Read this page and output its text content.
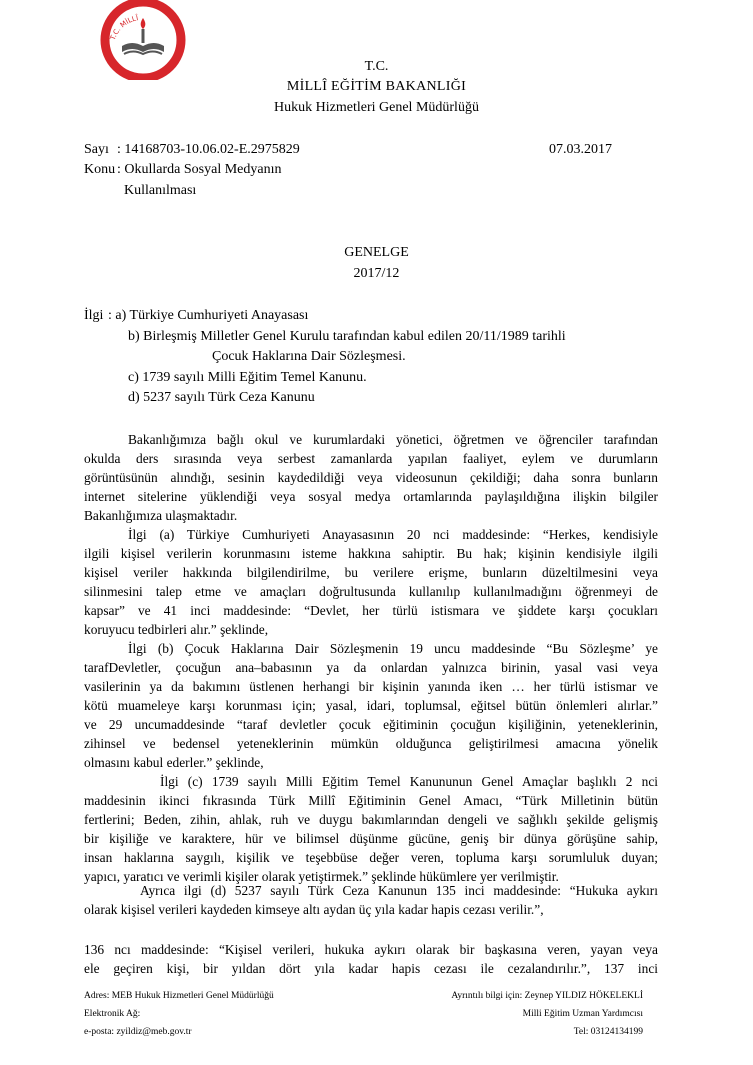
T.C. MİLLÎ
T.C.
MİLLÎ EĞİTİM BAKANLIĞI
Hukuk Hizmetleri Genel Müdürlüğü
Sayı : 14168703-10.06.02-E.2975829	07.03.2017
Konu : Okullarda Sosyal Medyanın
Kullanılması
GENELGE
2017/12
İlgi : a) Türkiye Cumhuriyeti Anayasası
b) Birleşmiş Milletler Genel Kurulu tarafından kabul edilen 20/11/1989 tarihli
Çocuk Haklarına Dair Sözleşmesi.
c) 1739 sayılı Milli Eğitim Temel Kanunu.
d) 5237 sayılı Türk Ceza Kanunu
Bakanlığımıza bağlı okul ve kurumlardaki yönetici, öğretmen ve öğrenciler tarafından
okulda ders sırasında veya serbest zamanlarda yapılan faaliyet, eylem ve durumların
görüntüsünün alındığı, sesinin kaydedildiği veya videosunun çekildiği; daha sonra bunların
internet sitelerine yüklendiği veya sosyal medya ortamlarında paylaşıldığına ilişkin bilgiler
Bakanlığımıza ulaşmaktadır.
İlgi (a) Türkiye Cumhuriyeti Anayasasının 20 nci maddesinde: “Herkes, kendisiyle
ilgili kişisel verilerin korunmasını isteme hakkına sahiptir. Bu hak; kişinin kendisiyle ilgili
kişisel veriler hakkında bilgilendirilme, bu verilere erişme, bunların düzeltilmesini veya
silinmesini talep etme ve amaçları doğrultusunda kullanılıp kullanılmadığını öğrenmeyi de
kapsar” ve 41 inci maddesinde: “Devlet, her türlü istismara ve şiddete karşı çocukları
koruyucu tedbirleri alır.” şeklinde,
İlgi (b) Çocuk Haklarına Dair Sözleşmenin 19 uncu maddesinde “Bu Sözleşme’ ye
tarafDevletler, çocuğun ana–babasının ya da onlardan yalnızca birinin, yasal vasi veya
vasilerinin ya da bakımını üstlenen herhangi bir kişinin yanında iken … her türlü istismar ve
kötü muameleye karşı korunması için; yasal, idari, toplumsal, eğitsel bütün önlemleri alırlar.”
ve 29 uncumaddesinde “taraf devletler çocuk eğitiminin çocuğun kişiliğinin, yeteneklerinin,
zihinsel ve bedensel yeteneklerinin mümkün olduğunca geliştirilmesi amacına yönelik
olmasını kabul ederler.” şeklinde,
İlgi (c) 1739 sayılı Milli Eğitim Temel Kanununun Genel Amaçlar başlıklı 2 nci
maddesinin ikinci fıkrasında Türk Millî Eğitiminin Genel Amacı, “Türk Milletinin bütün
fertlerini; Beden, zihin, ahlak, ruh ve duygu bakımlarından dengeli ve sağlıklı şekilde gelişmiş
bir kişiliğe ve karaktere, hür ve bilimsel düşünme gücüne, geniş bir dünya görüşüne sahip,
insan haklarına saygılı, kişilik ve teşebbüse değer veren, topluma karşı sorumluluk duyan;
yapıcı, yaratıcı ve verimli kişiler olarak yetiştirmek.” şeklinde hükümlere yer verilmiştir.
Ayrıca ilgi (d) 5237 sayılı Türk Ceza Kanunun 135 inci maddesinde: “Hukuka aykırı
olarak kişisel verileri kaydeden kimseye altı aydan üç yıla kadar hapis cezası verilir.”,
136 ncı maddesinde: “Kişisel verileri, hukuka aykırı olarak bir başkasına veren, yayan veya
ele geçiren kişi, bir yıldan dört yıla kadar hapis cezası ile cezalandırılır.”, 137 inci
Adres: MEB Hukuk Hizmetleri Genel Müdürlüğü
Elektronik Ağ:
e-posta: zyildiz@meb.gov.tr
Ayrıntılı bilgi için: Zeynep YILDIZ HÖKELEKLİ
Milli Eğitim Uzman Yardımcısı
Tel: 03124134199
